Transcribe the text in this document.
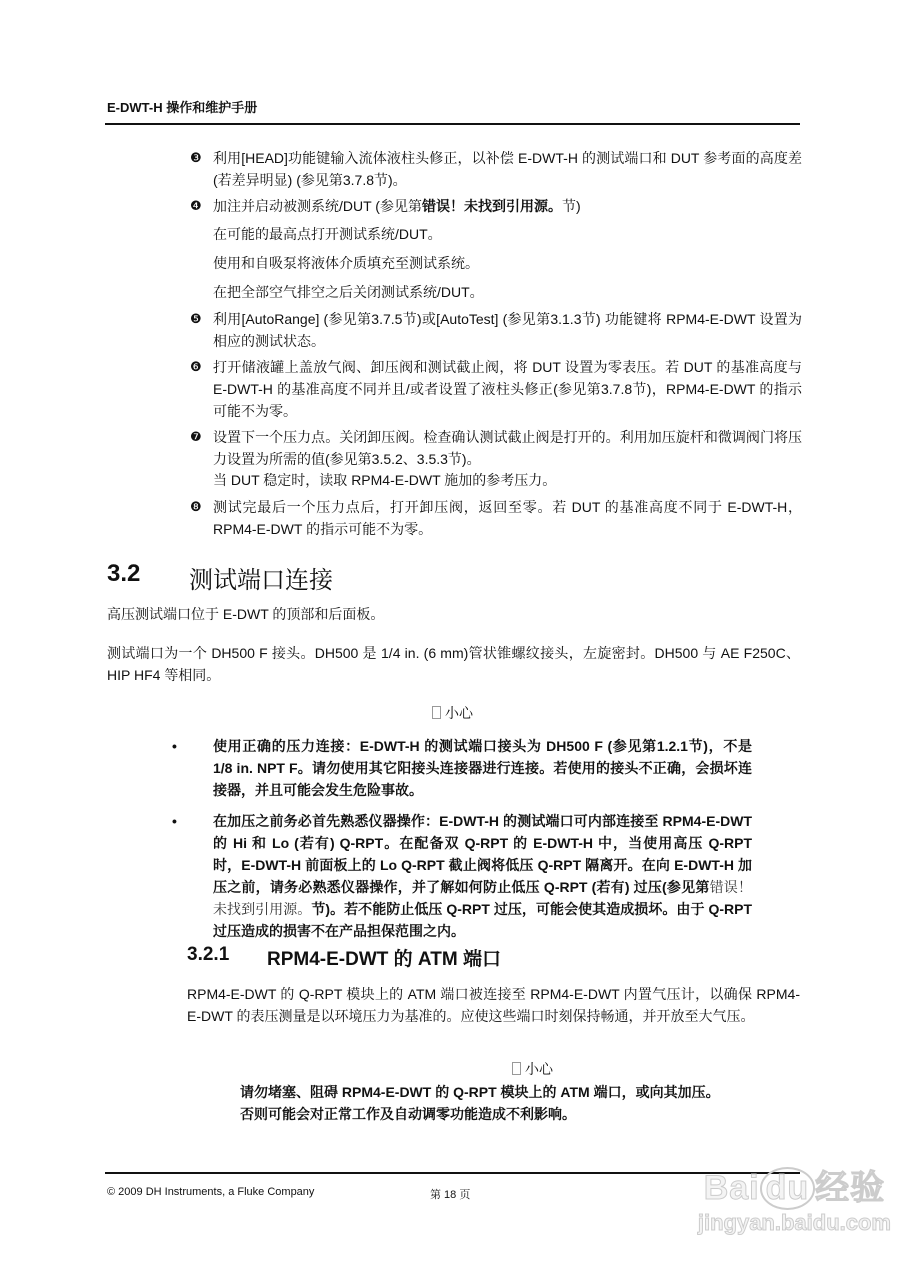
E-DWT-H 操作和维护手册
❸ 利用[HEAD]功能键输入流体液柱头修正，以补偿 E-DWT-H 的测试端口和 DUT 参考面的高度差(若差异明显) (参见第3.7.8节)。
❹ 加注并启动被测系统/DUT (参见第错误！未找到引用源。节)
在可能的最高点打开测试系统/DUT。
使用和自吸泵将液体介质填充至测试系统。
在把全部空气排空之后关闭测试系统/DUT。
❺ 利用[AutoRange] (参见第3.7.5节)或[AutoTest] (参见第3.1.3节) 功能键将 RPM4-E-DWT 设置为相应的测试状态。
❻ 打开储液罐上盖放气阀、卸压阀和测试截止阀，将 DUT 设置为零表压。若 DUT 的基准高度与 E-DWT-H 的基准高度不同并且/或者设置了液柱头修正(参见第3.7.8节)，RPM4-E-DWT 的指示可能不为零。
❼ 设置下一个压力点。关闭卸压阀。检查确认测试截止阀是打开的。利用加压旋杆和微调阀门将压力设置为所需的值(参见第3.5.2、3.5.3节)。
当 DUT 稳定时，读取 RPM4-E-DWT 施加的参考压力。
❽ 测试完最后一个压力点后，打开卸压阀，返回至零。若 DUT 的基准高度不同于 E-DWT-H，RPM4-E-DWT 的指示可能不为零。
3.2 测试端口连接
高压测试端口位于 E-DWT 的顶部和后面板。
测试端口为一个 DH500 F 接头。DH500 是 1/4 in. (6 mm)管状锥螺纹接头，左旋密封。DH500 与 AE F250C、HIP HF4 等相同。
小心
•	使用正确的压力连接：E-DWT-H 的测试端口接头为 DH500 F (参见第1.2.1节)，不是 1/8 in. NPT F。请勿使用其它阳接头连接器进行连接。若使用的接头不正确，会损坏连接器，并且可能会发生危险事故。
•	在加压之前务必首先熟悉仪器操作：E-DWT-H 的测试端口可内部连接至 RPM4-E-DWT 的 Hi 和 Lo (若有) Q-RPT。在配备双 Q-RPT 的 E-DWT-H 中，当使用高压 Q-RPT 时，E-DWT-H 前面板上的 Lo Q-RPT 截止阀将低压 Q-RPT 隔离开。在向 E-DWT-H 加压之前，请务必熟悉仪器操作，并了解如何防止低压 Q-RPT (若有) 过压(参见第错误！未找到引用源。节)。若不能防止低压 Q-RPT 过压，可能会使其造成损坏。由于 Q-RPT 过压造成的损害不在产品担保范围之内。
3.2.1 RPM4-E-DWT 的 ATM 端口
RPM4-E-DWT 的 Q-RPT 模块上的 ATM 端口被连接至 RPM4-E-DWT 内置气压计，以确保 RPM4-E-DWT 的表压测量是以环境压力为基准的。应使这些端口时刻保持畅通，并开放至大气压。
小心
请勿堵塞、阻碍 RPM4-E-DWT 的 Q-RPT 模块上的 ATM 端口，或向其加压。
否则可能会对正常工作及自动调零功能造成不利影响。
© 2009 DH Instruments, a Fluke Company	第 18 页	Bai du 经验
jingyan.baidu.com
